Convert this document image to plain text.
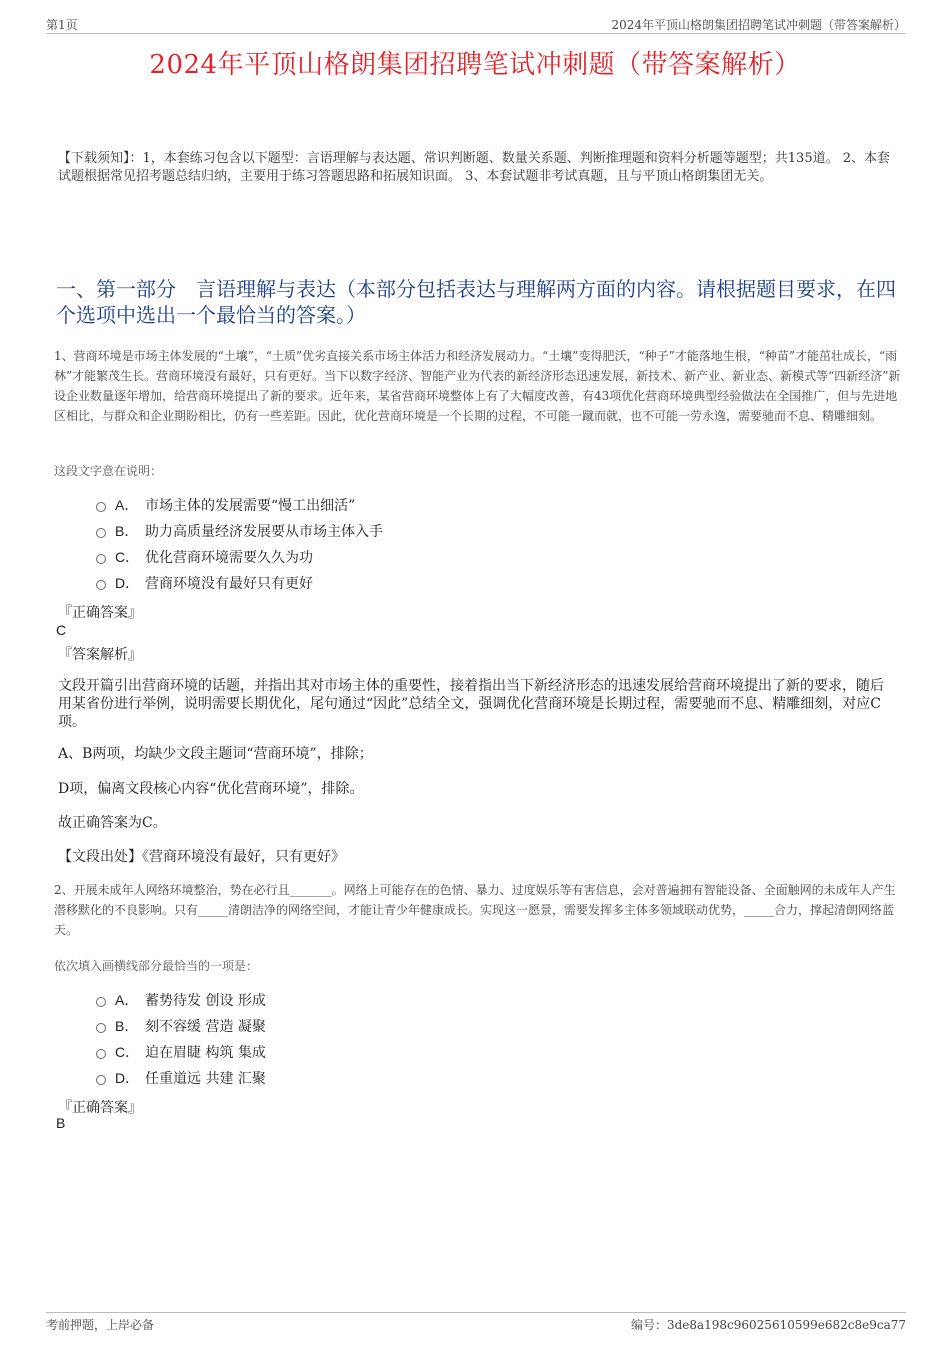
第1页	2024年平顶山格朗集团招聘笔试冲刺题（带答案解析）
2024年平顶山格朗集团招聘笔试冲刺题（带答案解析）
【下载须知】：1，本套练习包含以下题型：言语理解与表达题、常识判断题、数量关系题、判断推理题和资料分析题等题型；共135道。 2、本套试题根据常见招考题总结归纳，主要用于练习答题思路和拓展知识面。 3、本套试题非考试真题，且与平顶山格朗集团无关。
一、第一部分　言语理解与表达（本部分包括表达与理解两方面的内容。请根据题目要求，在四个选项中选出一个最恰当的答案。）
1、营商环境是市场主体发展的“土壤”，“土质”优劣直接关系市场主体活力和经济发展动力。“土壤”变得肥沃，“种子”才能落地生根，“种苗”才能茁壮成长，“雨林”才能繁茂生长。营商环境没有最好，只有更好。当下以数字经济、智能产业为代表的新经济形态迅速发展，新技术、新产业、新业态、新模式等“四新经济”新设企业数量逐年增加，给营商环境提出了新的要求。近年来，某省营商环境整体上有了大幅度改善，有43项优化营商环境典型经验做法在全国推广，但与先进地区相比，与群众和企业期盼相比，仍有一些差距。因此，优化营商环境是一个长期的过程，不可能一蹴而就，也不可能一劳永逸，需要驰而不息、精雕细刻。
这段文字意在说明：
A． 市场主体的发展需要“慢工出细活”
B． 助力高质量经济发展要从市场主体入手
C． 优化营商环境需要久久为功
D． 营商环境没有最好只有更好
『正确答案』
C
『答案解析』
文段开篇引出营商环境的话题，并指出其对市场主体的重要性，接着指出当下新经济形态的迅速发展给营商环境提出了新的要求，随后用某省份进行举例，说明需要长期优化，尾句通过“因此”总结全文，强调优化营商环境是长期过程，需要驰而不息、精雕细刻，对应C项。
A、B两项，均缺少文段主题词“营商环境”，排除；
D项，偏离文段核心内容“优化营商环境”，排除。
故正确答案为C。
【文段出处】《营商环境没有最好，只有更好》
2、开展未成年人网络环境整治，势在必行且_______。网络上可能存在的色情、暴力、过度娱乐等有害信息，会对普遍拥有智能设备、全面触网的未成年人产生潜移默化的不良影响。只有_____清朗洁净的网络空间，才能让青少年健康成长。实现这一愿景，需要发挥多主体多领域联动优势，_____合力，撑起清朗网络蓝天。
依次填入画横线部分最恰当的一项是：
A． 蓄势待发 创设 形成
B． 刻不容缓 营造 凝聚
C． 迫在眉睫 构筑 集成
D． 任重道远 共建 汇聚
『正确答案』
B
考前押题，上岸必备	编号：3de8a198c96025610599e682c8e9ca77
